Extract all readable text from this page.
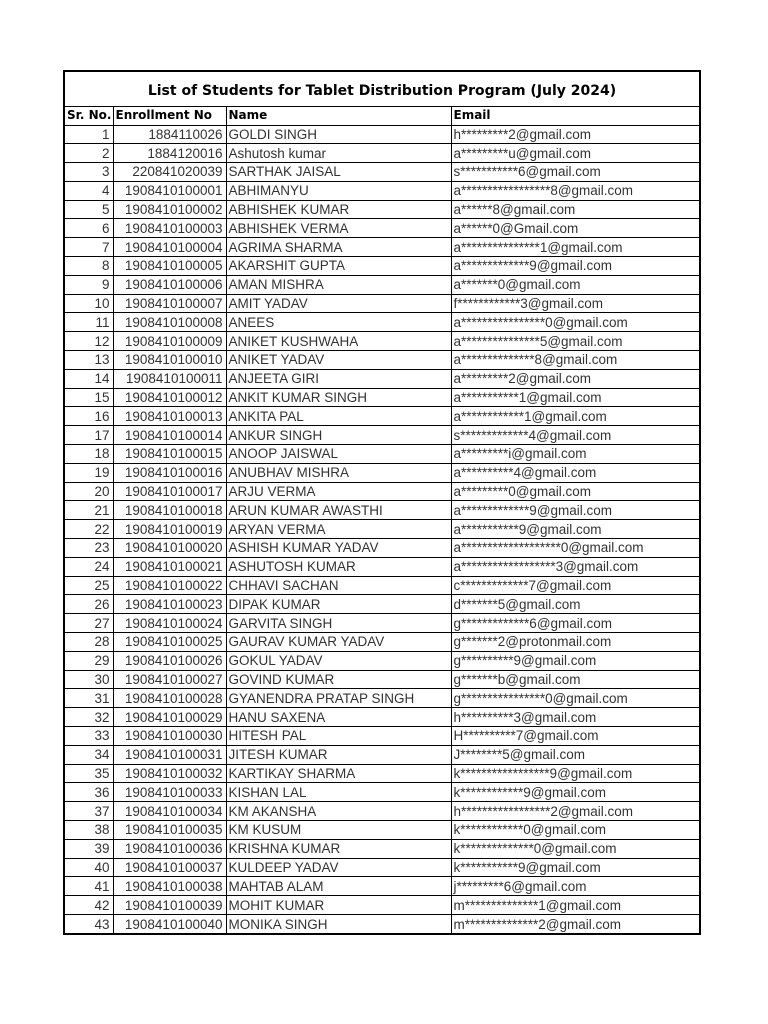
List of Students for Tablet Distribution Program (July 2024)
Sr. No.	Enrollment No	Name	Email
1	1884110026	GOLDI SINGH	h*********2@gmail.com
2	1884120016	Ashutosh kumar	a*********u@gmail.com
3	220841020039	SARTHAK JAISAL	s***********6@gmail.com
4	1908410100001	ABHIMANYU	a*****************8@gmail.com
5	1908410100002	ABHISHEK KUMAR	a******8@gmail.com
6	1908410100003	ABHISHEK VERMA	a******0@Gmail.com
7	1908410100004	AGRIMA SHARMA	a***************1@gmail.com
8	1908410100005	AKARSHIT GUPTA	a*************9@gmail.com
9	1908410100006	AMAN MISHRA	a*******0@gmail.com
10	1908410100007	AMIT YADAV	f************3@gmail.com
11	1908410100008	ANEES	a****************0@gmail.com
12	1908410100009	ANIKET KUSHWAHA	a***************5@gmail.com
13	1908410100010	ANIKET YADAV	a**************8@gmail.com
14	1908410100011	ANJEETA GIRI	a*********2@gmail.com
15	1908410100012	ANKIT KUMAR SINGH	a***********1@gmail.com
16	1908410100013	ANKITA PAL	a************1@gmail.com
17	1908410100014	ANKUR SINGH	s*************4@gmail.com
18	1908410100015	ANOOP JAISWAL	a*********i@gmail.com
19	1908410100016	ANUBHAV MISHRA	a**********4@gmail.com
20	1908410100017	ARJU VERMA	a*********0@gmail.com
21	1908410100018	ARUN KUMAR AWASTHI	a*************9@gmail.com
22	1908410100019	ARYAN VERMA	a***********9@gmail.com
23	1908410100020	ASHISH KUMAR YADAV	a*******************0@gmail.com
24	1908410100021	ASHUTOSH KUMAR	a******************3@gmail.com
25	1908410100022	CHHAVI SACHAN	c*************7@gmail.com
26	1908410100023	DIPAK KUMAR	d*******5@gmail.com
27	1908410100024	GARVITA SINGH	g*************6@gmail.com
28	1908410100025	GAURAV KUMAR YADAV	g*******2@protonmail.com
29	1908410100026	GOKUL YADAV	g**********9@gmail.com
30	1908410100027	GOVIND KUMAR	g*******b@gmail.com
31	1908410100028	GYANENDRA PRATAP SINGH	g****************0@gmail.com
32	1908410100029	HANU SAXENA	h**********3@gmail.com
33	1908410100030	HITESH PAL	H**********7@gmail.com
34	1908410100031	JITESH KUMAR	J********5@gmail.com
35	1908410100032	KARTIKAY SHARMA	k*****************9@gmail.com
36	1908410100033	KISHAN LAL	k************9@gmail.com
37	1908410100034	KM AKANSHA	h*****************2@gmail.com
38	1908410100035	KM KUSUM	k************0@gmail.com
39	1908410100036	KRISHNA KUMAR	k**************0@gmail.com
40	1908410100037	KULDEEP YADAV	k***********9@gmail.com
41	1908410100038	MAHTAB ALAM	j*********6@gmail.com
42	1908410100039	MOHIT KUMAR	m**************1@gmail.com
43	1908410100040	MONIKA SINGH	m**************2@gmail.com
